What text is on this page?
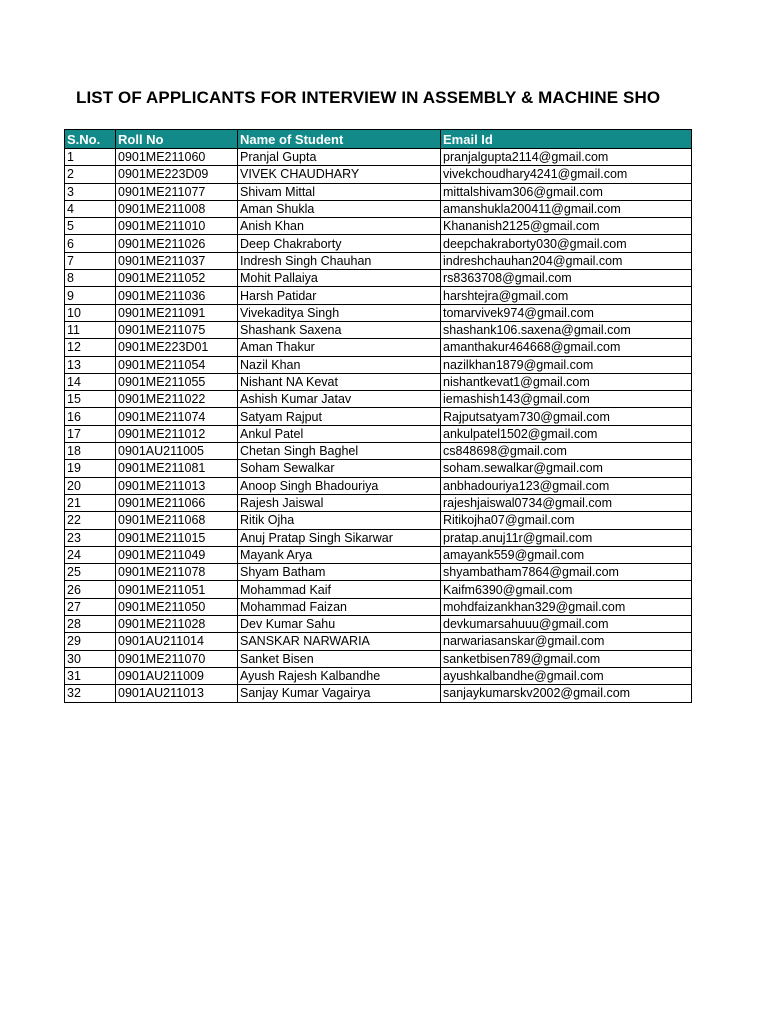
LIST OF APPLICANTS FOR INTERVIEW IN ASSEMBLY & MACHINE SHO
S.No.	Roll No	Name of Student	Email Id
1	0901ME211060	Pranjal Gupta	pranjalgupta2114@gmail.com
2	0901ME223D09	VIVEK CHAUDHARY	vivekchoudhary4241@gmail.com
3	0901ME211077	Shivam Mittal	mittalshivam306@gmail.com
4	0901ME211008	Aman Shukla	amanshukla200411@gmail.com
5	0901ME211010	Anish Khan	Khananish2125@gmail.com
6	0901ME211026	Deep Chakraborty	deepchakraborty030@gmail.com
7	0901ME211037	Indresh Singh Chauhan	indreshchauhan204@gmail.com
8	0901ME211052	Mohit Pallaiya	rs8363708@gmail.com
9	0901ME211036	Harsh Patidar	harshtejra@gmail.com
10	0901ME211091	Vivekaditya Singh	tomarvivek974@gmail.com
11	0901ME211075	Shashank Saxena	shashank106.saxena@gmail.com
12	0901ME223D01	Aman Thakur	amanthakur464668@gmail.com
13	0901ME211054	Nazil Khan	nazilkhan1879@gmail.com
14	0901ME211055	Nishant NA Kevat	nishantkevat1@gmail.com
15	0901ME211022	Ashish Kumar Jatav	iemashish143@gmail.com
16	0901ME211074	Satyam Rajput	Rajputsatyam730@gmail.com
17	0901ME211012	Ankul Patel	ankulpatel1502@gmail.com
18	0901AU211005	Chetan Singh Baghel	cs848698@gmail.com
19	0901ME211081	Soham Sewalkar	soham.sewalkar@gmail.com
20	0901ME211013	Anoop Singh Bhadouriya	anbhadouriya123@gmail.com
21	0901ME211066	Rajesh Jaiswal	rajeshjaiswal0734@gmail.com
22	0901ME211068	Ritik Ojha	Ritikojha07@gmail.com
23	0901ME211015	Anuj Pratap Singh Sikarwar	pratap.anuj11r@gmail.com
24	0901ME211049	Mayank Arya	amayank559@gmail.com
25	0901ME211078	Shyam Batham	shyambatham7864@gmail.com
26	0901ME211051	Mohammad Kaif	Kaifm6390@gmail.com
27	0901ME211050	Mohammad Faizan	mohdfaizankhan329@gmail.com
28	0901ME211028	Dev Kumar Sahu	devkumarsahuuu@gmail.com
29	0901AU211014	SANSKAR NARWARIA	narwariasanskar@gmail.com
30	0901ME211070	Sanket Bisen	sanketbisen789@gmail.com
31	0901AU211009	Ayush Rajesh Kalbandhe	ayushkalbandhe@gmail.com
32	0901AU211013	Sanjay Kumar Vagairya	sanjaykumarskv2002@gmail.com
